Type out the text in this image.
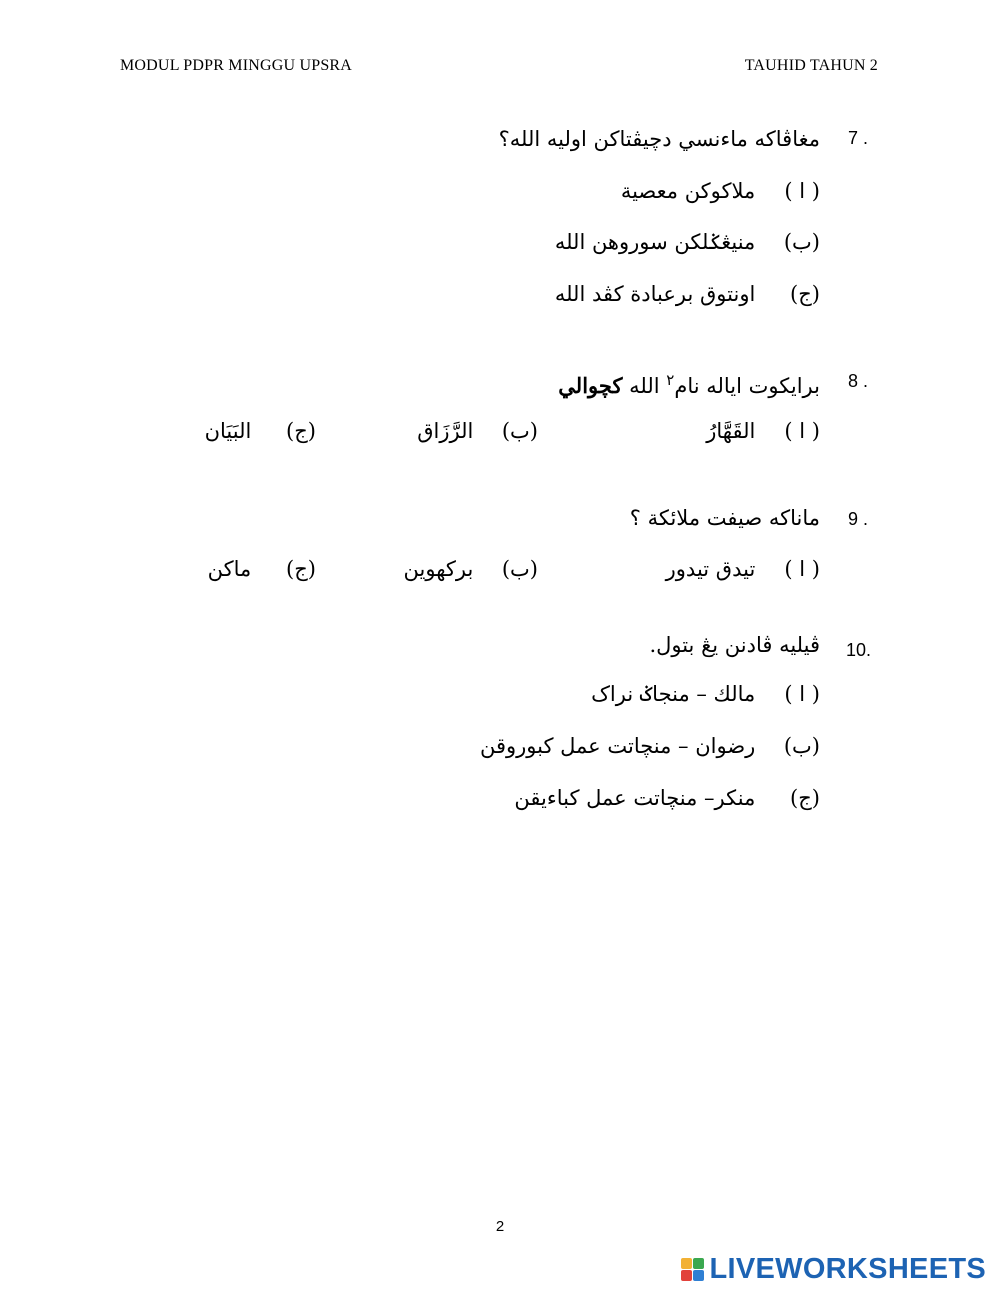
MODUL PDPR MINGGU UPSRA	TAUHID TAHUN 2
7 .
مغاڤاكه ماءنسي دچيڤتاكن اوليه الله؟
( ا ) ملاكوكن معصية
(ب) منيڠݢلكن سوروهن الله
(ج) اونتوق برعبادة كڤد الله
8 .
برايكوت اياله نام$^٢$ الله كچوالي
( ا ) القَهَّارُ
(ب) الرَّزَاق
(ج) البَيَان
9 .
ماناكه صيفت ملائكة ؟
( ا ) تيدق تيدور
(ب) بركهوين
(ج) ماكن
.10
ڤيليه ڤادنن يڠ بتول.
( ا ) مالك – منجاݢ نراک
(ب) رضوان – منچاتت عمل كبوروقن
(ج) منكر– منچاتت عمل كباءيقن
2
LIVEWORKSHEETS
